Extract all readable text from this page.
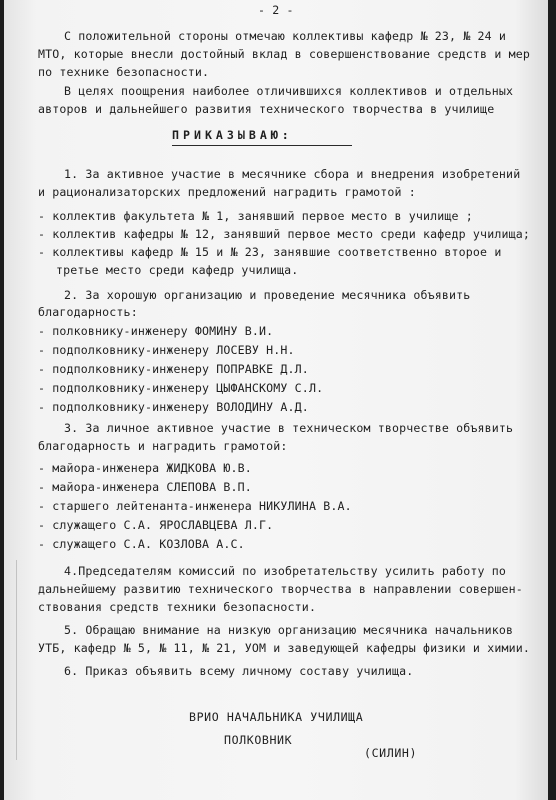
- 2 -
С положительной стороны отмечаю коллективы кафедр № 23, № 24 и
МТО, которые внесли достойный вклад в совершенствование средств и мер
по технике безопасности.
В целях поощрения наиболее отличившихся коллективов и отдельных
авторов и дальнейшего развития технического творчества в училище
ПРИКАЗЫВАЮ:
1. За активное участие в месячнике сбора и внедрения изобретений
и рационализаторских предложений наградить грамотой :
- коллектив факультета № 1, занявший первое место в училище ;
- коллектив кафедры № 12, занявший первое место среди кафедр училища;
- коллективы кафедр № 15 и № 23, занявшие соответственно второе и
третье место среди кафедр училища.
2. За хорошую организацию и проведение месячника объявить
благодарность:
- полковнику-инженеру ФОМИНУ В.И.
- подполковнику-инженеру ЛОСЕВУ Н.Н.
- подполковнику-инженеру ПОПРАВКЕ Д.Л.
- подполковнику-инженеру ЦЫФАНСКОМУ С.Л.
- подполковнику-инженеру ВОЛОДИНУ А.Д.
3. За личное активное участие в техническом творчестве объявить
благодарность и наградить грамотой:
- майора-инженера ЖИДКОВА Ю.В.
- майора-инженера СЛЕПОВА В.П.
- старшего лейтенанта-инженера НИКУЛИНА В.А.
- служащего С.А. ЯРОСЛАВЦЕВА Л.Г.
- служащего С.А. КОЗЛОВА А.С.
4.Председателям комиссий по изобретательству усилить работу по
дальнейшему развитию технического творчества в направлении совершен-
ствования средств техники безопасности.
5. Обращаю внимание на низкую организацию месячника начальников
УТБ, кафедр № 5, № 11, № 21, УОМ и заведующей кафедры физики и химии.
6. Приказ объявить всему личному составу училища.
ВРИО НАЧАЛЬНИКА УЧИЛИЩА
ПОЛКОВНИК
(СИЛИН)
